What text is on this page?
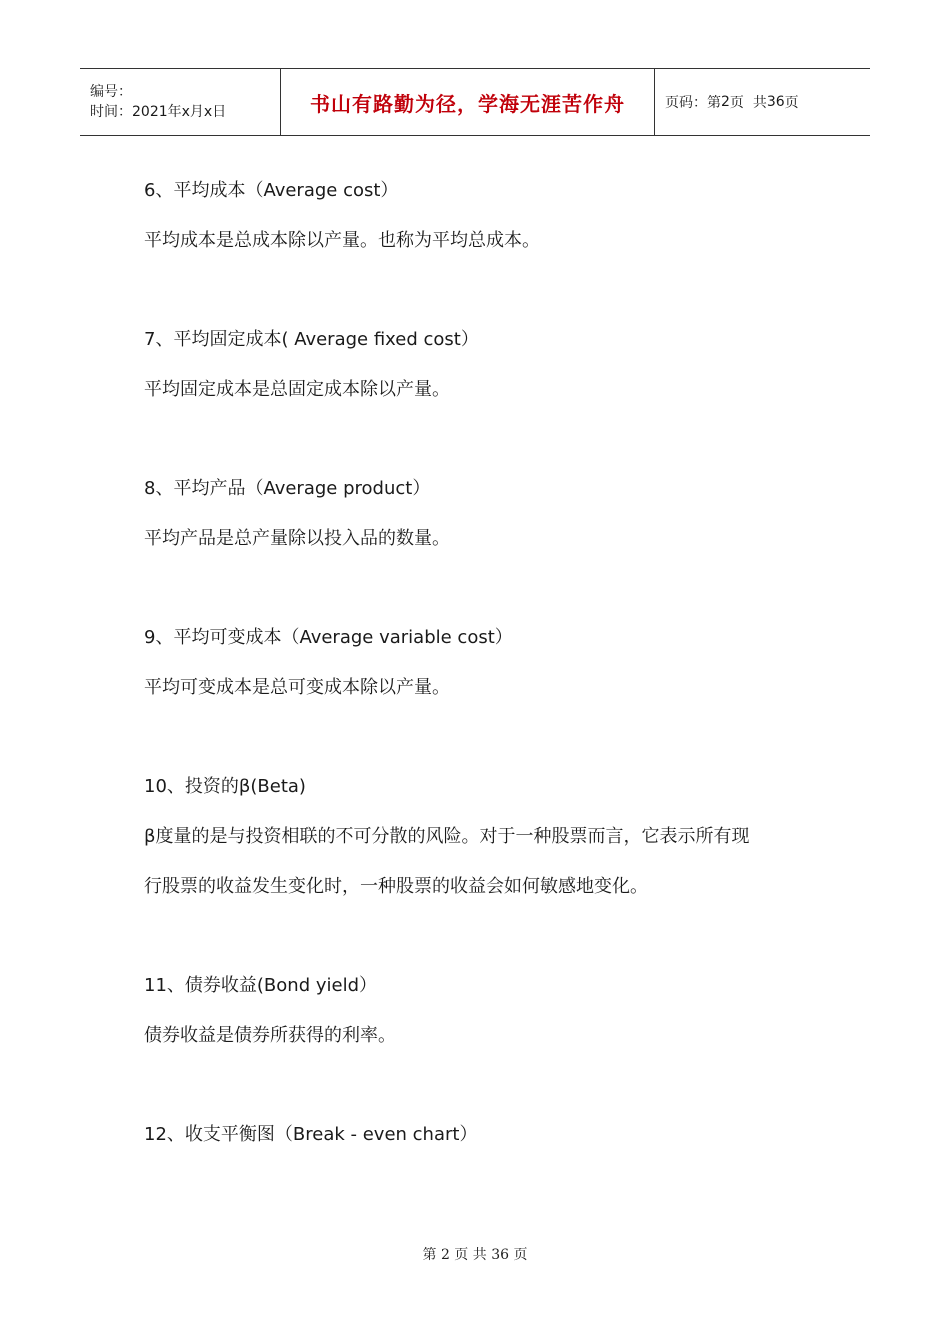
编号：
时间：2021年x月x日	书山有路勤为径，学海无涯苦作舟	页码：第 2 页  共 36 页
6、平均成本（Average cost）
平均成本是总成本除以产量。也称为平均总成本。
7、平均固定成本( Average fixed cost）
平均固定成本是总固定成本除以产量。
8、平均产品（Average product）
平均产品是总产量除以投入品的数量。
9、平均可变成本（Average variable cost）
平均可变成本是总可变成本除以产量。
10、投资的β(Beta)
β度量的是与投资相联的不可分散的风险。对于一种股票而言，它表示所有现
行股票的收益发生变化时，一种股票的收益会如何敏感地变化。
11、债券收益(Bond yield）
债券收益是债券所获得的利率。
12、收支平衡图（Break - even chart）
第 2 页 共 36 页
